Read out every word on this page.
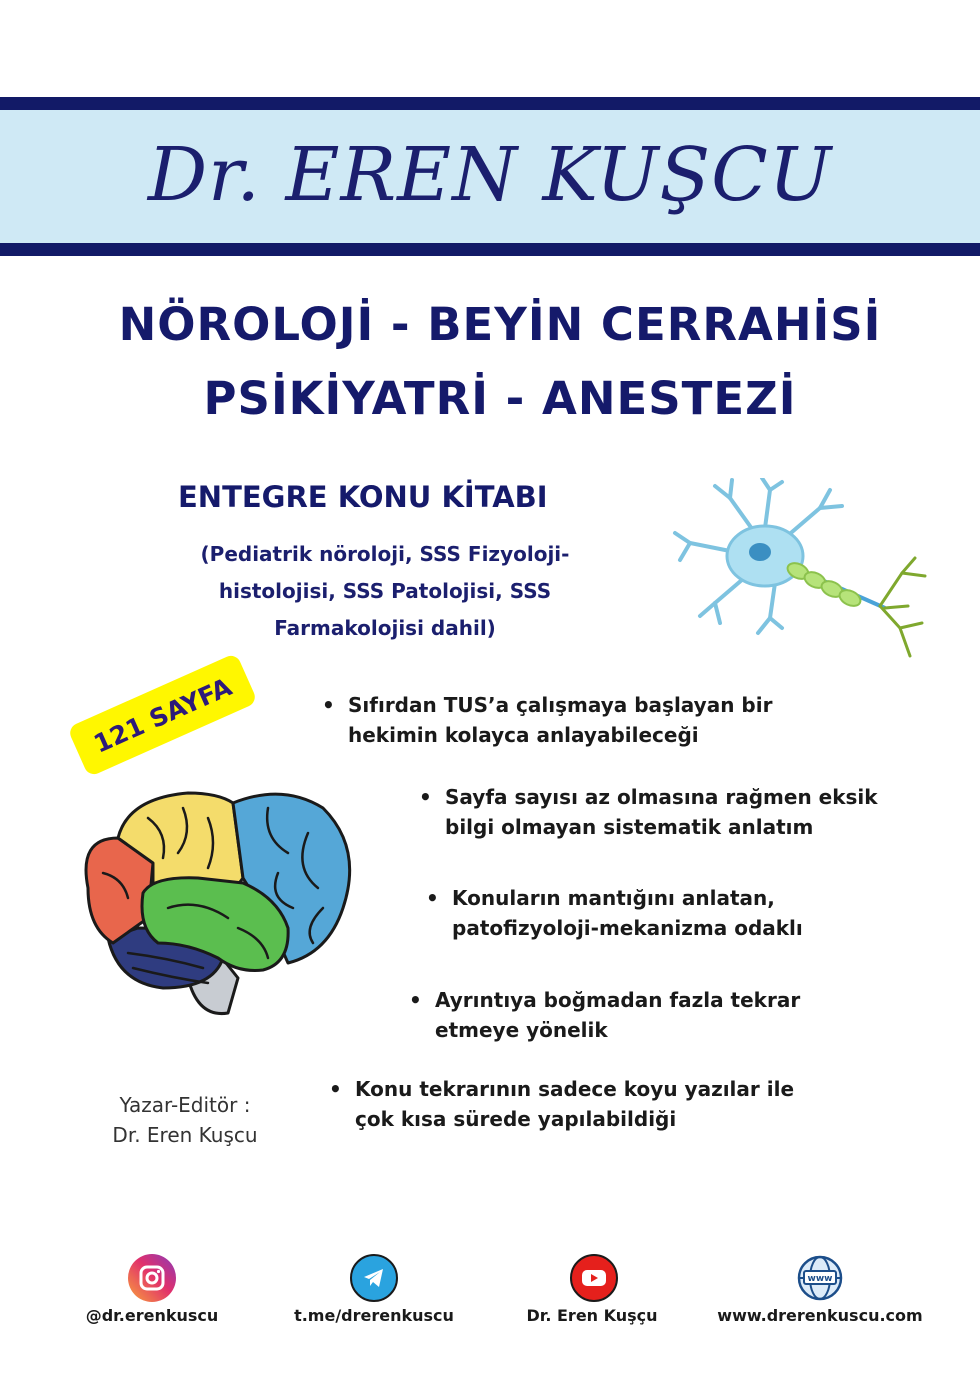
Dr. EREN KUŞCU
NÖROLOJİ - BEYİN CERRAHİSİ
PSİKİYATRİ - ANESTEZİ
ENTEGRE KONU KİTABI
(Pediatrik nöroloji, SSS Fizyoloji-
histolojisi, SSS Patolojisi, SSS
Farmakolojisi dahil)
121 SAYFA	• Sıfırdan TUS’a çalışmaya başlayan bir
hekimin kolayca anlayabileceği
• Sayfa sayısı az olmasına rağmen eksik
bilgi olmayan sistematik anlatım
• Konuların mantığını anlatan,
patofizyoloji-mekanizma odaklı
• Ayrıntıya boğmadan fazla tekrar
etmeye yönelik
• Konu tekrarının sadece koyu yazılar ile
çok kısa sürede yapılabildiği
Yazar-Editör :
Dr. Eren Kuşcu
@dr.erenkuscu	t.me/drerenkuscu	Dr. Eren Kuşçu
www
www.drerenkuscu.com
